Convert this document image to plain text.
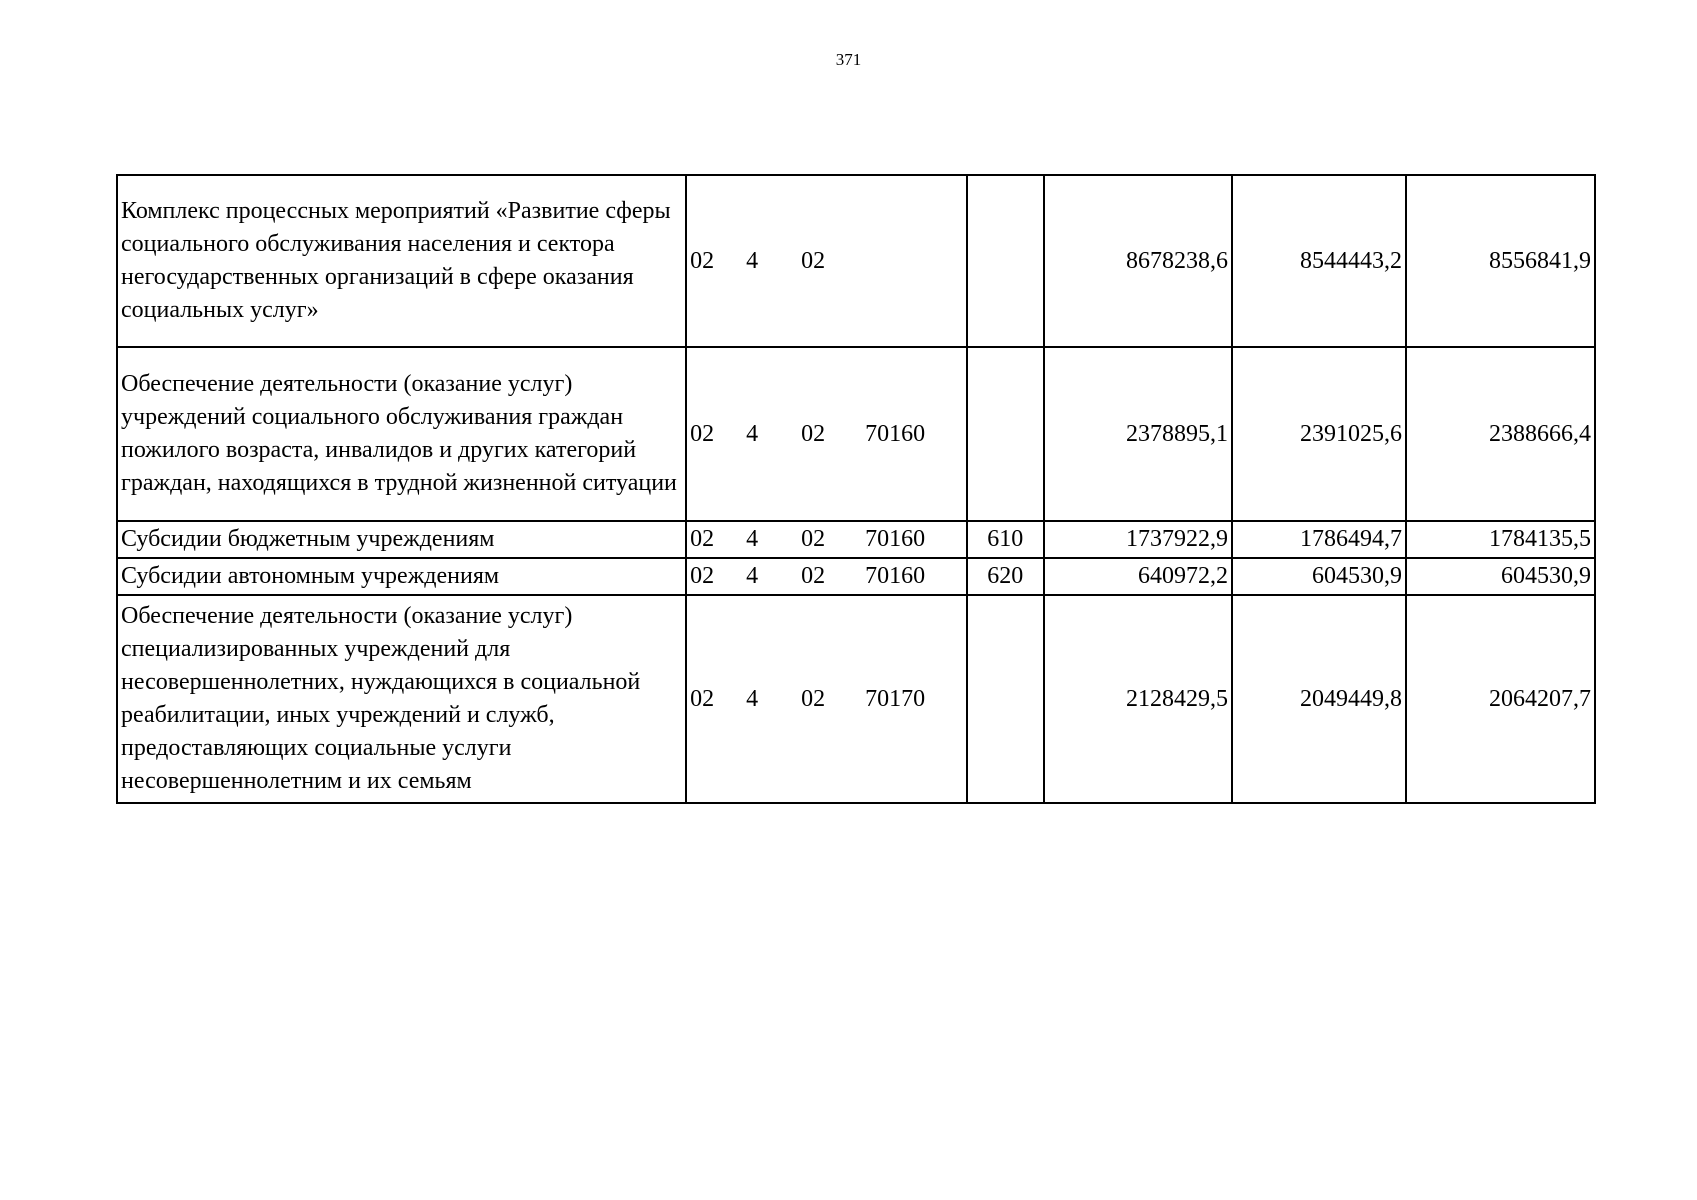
371
Комплекс процессных мероприятий «Развитие сферы социального обслуживания населения и сектора негосударственных организаций в сфере оказания социальных услуг»	02 4 02		8678238,6	8544443,2	8556841,9
Обеспечение деятельности (оказание услуг) учреждений социального обслуживания граждан пожилого возраста, инвалидов и других категорий граждан, находящихся в трудной жизненной ситуации	02 4 02 70160		2378895,1	2391025,6	2388666,4
Субсидии бюджетным учреждениям	02 4 02 70160	610	1737922,9	1786494,7	1784135,5
Субсидии автономным учреждениям	02 4 02 70160	620	640972,2	604530,9	604530,9
Обеспечение деятельности (оказание услуг) специализированных учреждений для несовершеннолетних, нуждающихся в социальной реабилитации, иных учреждений и служб, предоставляющих социальные услуги несовершеннолетним и их семьям	02 4 02 70170		2128429,5	2049449,8	2064207,7
